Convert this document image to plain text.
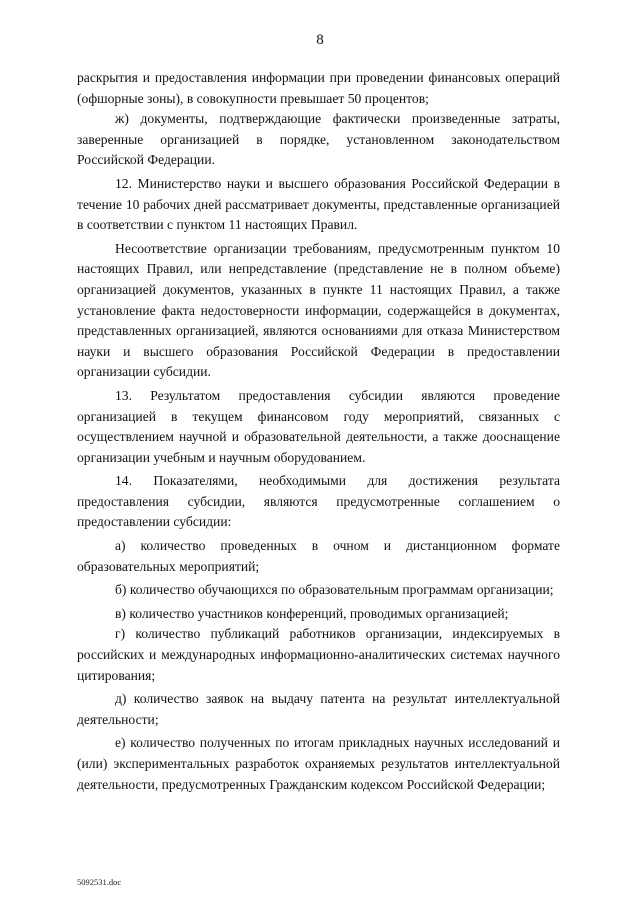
8

раскрытия и предоставления информации при проведении финансовых операций (офшорные зоны), в совокупности превышает 50 процентов;

ж) документы, подтверждающие фактически произведенные затраты, заверенные организацией в порядке, установленном законодательством Российской Федерации.

12. Министерство науки и высшего образования Российской Федерации в течение 10 рабочих дней рассматривает документы, представленные организацией в соответствии с пунктом 11 настоящих Правил.

Несоответствие организации требованиям, предусмотренным пунктом 10 настоящих Правил, или непредставление (представление не в полном объеме) организацией документов, указанных в пункте 11 настоящих Правил, а также установление факта недостоверности информации, содержащейся в документах, представленных организацией, являются основаниями для отказа Министерством науки и высшего образования Российской Федерации в предоставлении организации субсидии.

13. Результатом предоставления субсидии являются проведение организацией в текущем финансовом году мероприятий, связанных с осуществлением научной и образовательной деятельности, а также дооснащение организации учебным и научным оборудованием.

14. Показателями, необходимыми для достижения результата предоставления субсидии, являются предусмотренные соглашением о предоставлении субсидии:

а) количество проведенных в очном и дистанционном формате образовательных мероприятий;

б) количество обучающихся по образовательным программам организации;

в) количество участников конференций, проводимых организацией;

г) количество публикаций работников организации, индексируемых в российских и международных информационно-аналитических системах научного цитирования;

д) количество заявок на выдачу патента на результат интеллектуальной деятельности;

е) количество полученных по итогам прикладных научных исследований и (или) экспериментальных разработок охраняемых результатов интеллектуальной деятельности, предусмотренных Гражданским кодексом Российской Федерации;

5092531.doc
